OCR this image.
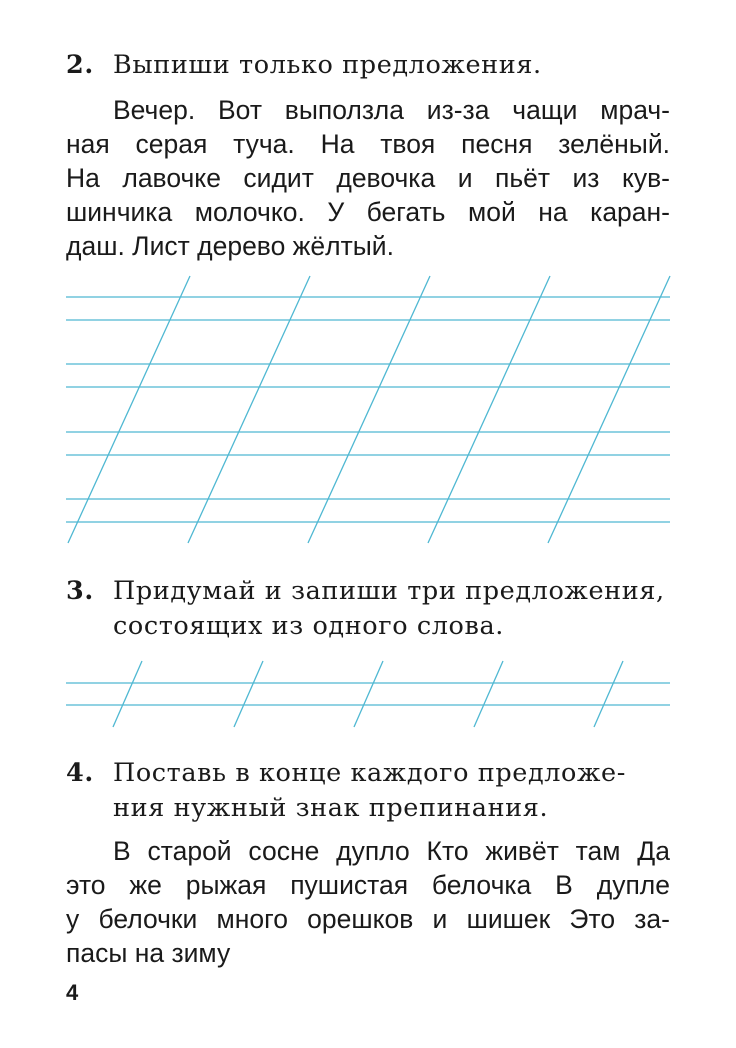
2. Выпиши только предложения.
Вечер. Вот выползла из-за чащи мрач-
ная серая туча. На твоя песня зелёный.
На лавочке сидит девочка и пьёт из кув-
шинчика молочко. У бегать мой на каран-
даш. Лист дерево жёлтый.
3. Придумай и запиши три предложения,
состоящих из одного слова.
4. Поставь в конце каждого предложе-
ния нужный знак препинания.
В старой сосне дупло Кто живёт там Да
это же рыжая пушистая белочка В дупле
у белочки много орешков и шишек Это за-
пасы на зиму
4
